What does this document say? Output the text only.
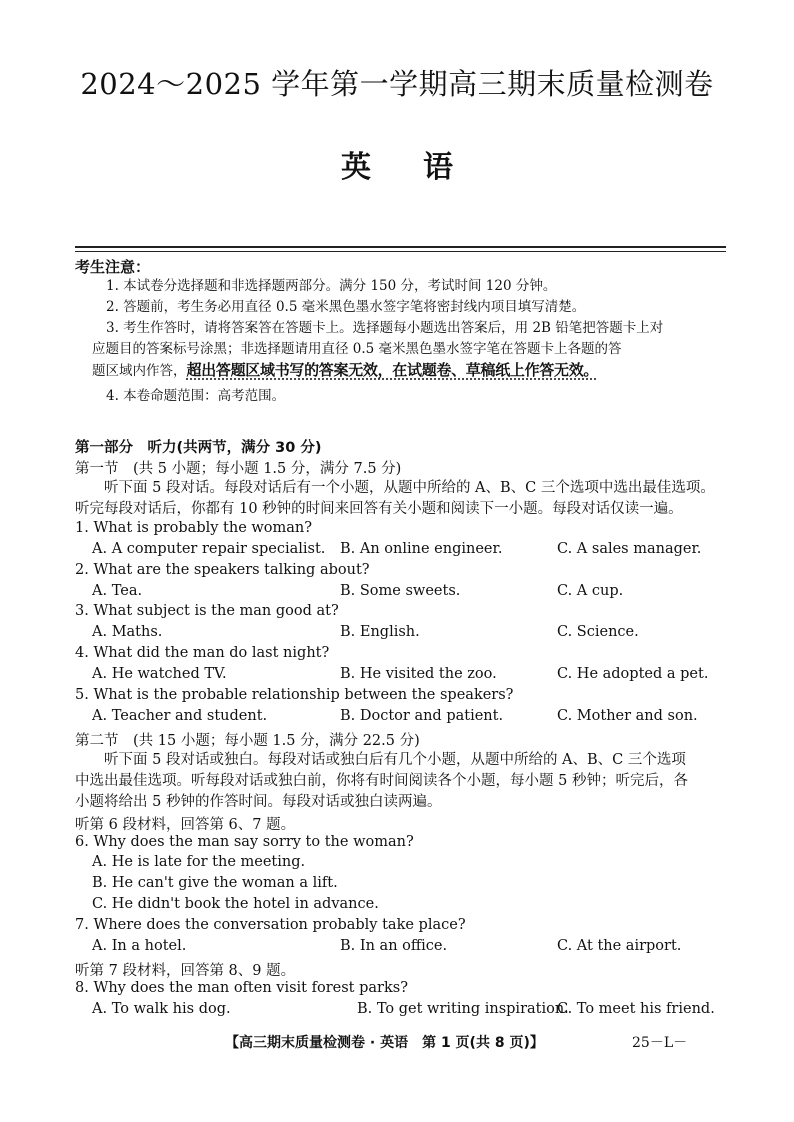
2024～2025 学年第一学期高三期末质量检测卷
英语
考生注意：
1. 本试卷分选择题和非选择题两部分。满分 150 分，考试时间 120 分钟。
2. 答题前，考生务必用直径 0.5 毫米黑色墨水签字笔将密封线内项目填写清楚。
3. 考生作答时，请将答案答在答题卡上。选择题每小题选出答案后，用 2B 铅笔把答题卡上对
应题目的答案标号涂黑；非选择题请用直径 0.5 毫米黑色墨水签字笔在答题卡上各题的答
题区域内作答，超出答题区域书写的答案无效，在试题卷、草稿纸上作答无效。
4. 本卷命题范围：高考范围。
第一部分　听力(共两节，满分 30 分)
第一节　(共 5 小题；每小题 1.5 分，满分 7.5 分)
听下面 5 段对话。每段对话后有一个小题，从题中所给的 A、B、C 三个选项中选出最佳选项。
听完每段对话后，你都有 10 秒钟的时间来回答有关小题和阅读下一小题。每段对话仅读一遍。
1. What is probably the woman?
A. A computer repair specialist. B. An online engineer.	C. A sales manager.
2. What are the speakers talking about?
A. Tea.	B. Some sweets.	C. A cup.
3. What subject is the man good at?
A. Maths.	B. English.	C. Science.
4. What did the man do last night?
A. He watched TV.	B. He visited the zoo.	C. He adopted a pet.
5. What is the probable relationship between the speakers?
A. Teacher and student.	B. Doctor and patient.	C. Mother and son.
第二节　(共 15 小题；每小题 1.5 分，满分 22.5 分)
听下面 5 段对话或独白。每段对话或独白后有几个小题，从题中所给的 A、B、C 三个选项
中选出最佳选项。听每段对话或独白前，你将有时间阅读各个小题，每小题 5 秒钟；听完后，各
小题将给出 5 秒钟的作答时间。每段对话或独白读两遍。
听第 6 段材料，回答第 6、7 题。
6. Why does the man say sorry to the woman?
A. He is late for the meeting.
B. He can't give the woman a lift.
C. He didn't book the hotel in advance.
7. Where does the conversation probably take place?
A. In a hotel.	B. In an office.	C. At the airport.
听第 7 段材料，回答第 8、9 题。
8. Why does the man often visit forest parks?
A. To walk his dog.	B. To get writing inspiration.
C. To meet his friend.
【高三期末质量检测卷 · 英语　第 1 页(共 8 页)】	25－L－
